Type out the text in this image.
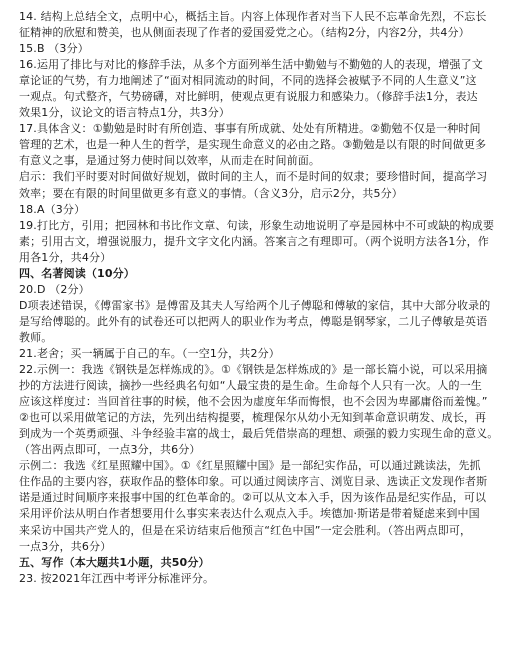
14. 结构上总结全文，点明中心，概括主旨。内容上体现作者对当下人民不忘革命先烈，不忘长
征精神的欣慰和赞美，也从侧面表现了作者的爱国爱党之心。（结构2分，内容2分，共4分）
15.B （3分）
16.运用了排比与对比的修辞手法，从多个方面列举生活中勤勉与不勤勉的人的表现，增强了文
章论证的气势，有力地阐述了“面对相同流动的时间，不同的选择会被赋予不同的人生意义”这
一观点。句式整齐，气势磅礴，对比鲜明，使观点更有说服力和感染力。（修辞手法1分，表达
效果1分，议论文的语言特点1分，共3分）
17.具体含义：①勤勉是时时有所创造、事事有所成就、处处有所精进。②勤勉不仅是一种时间
管理的艺术，也是一种人生的哲学，是实现生命意义的必由之路。③勤勉是以有限的时间做更多
有意义之事，是通过努力使时间以效率，从而走在时间前面。
启示：我们平时要对时间做好规划，做时间的主人，而不是时间的奴隶；要珍惜时间，提高学习
效率；要在有限的时间里做更多有意义的事情。（含义3分，启示2分，共5分）
18.A（3分）
19.打比方，引用；把园林和书比作文章、句读，形象生动地说明了亭是园林中不可或缺的构成要
素；引用古文，增强说服力，提升文字文化内涵。答案言之有理即可。（两个说明方法各1分，作
用各1分，共4分）
四、名著阅读（10分）
20.D （2分）
D项表述错误，《傅雷家书》是傅雷及其夫人写给两个儿子傅聪和傅敏的家信，其中大部分收录的
是写给傅聪的。此外有的试卷还可以把两人的职业作为考点，傅聪是钢琴家，二儿子傅敏是英语
教师。
21.老舍；买一辆属于自己的车。（一空1分，共2分）
22.示例一：我选《钢铁是怎样炼成的》。①《钢铁是怎样炼成的》是一部长篇小说，可以采用摘
抄的方法进行阅读，摘抄一些经典名句如“人最宝贵的是生命。生命每个人只有一次。人的一生
应该这样度过：当回首往事的时候，他不会因为虚度年华而悔恨，也不会因为卑鄙庸俗而羞愧。”
②也可以采用做笔记的方法，先列出结构提要，梳理保尔从幼小无知到革命意识萌发、成长，再
到成为一个英勇顽强、斗争经验丰富的战士，最后凭借崇高的理想、顽强的毅力实现生命的意义。
（答出两点即可，一点3分，共6分）
示例二：我选《红星照耀中国》。①《红星照耀中国》是一部纪实作品，可以通过跳读法，先抓
住作品的主要内容，获取作品的整体印象。可以通过阅读序言、浏览目录、选读正文发现作者斯
诺是通过时间顺序来报事中国的红色革命的。②可以从文本入手，因为该作品是纪实作品，可以
采用评价法从明白作者想要用什么事实来表达什么观点入手。埃德加·斯诺是带着疑虑来到中国
来采访中国共产党人的，但是在采访结束后他预言“红色中国”一定会胜利。（答出两点即可，
一点3分，共6分）
五、写作（本大题共1小题，共50分）
23. 按2021年江西中考评分标准评分。
